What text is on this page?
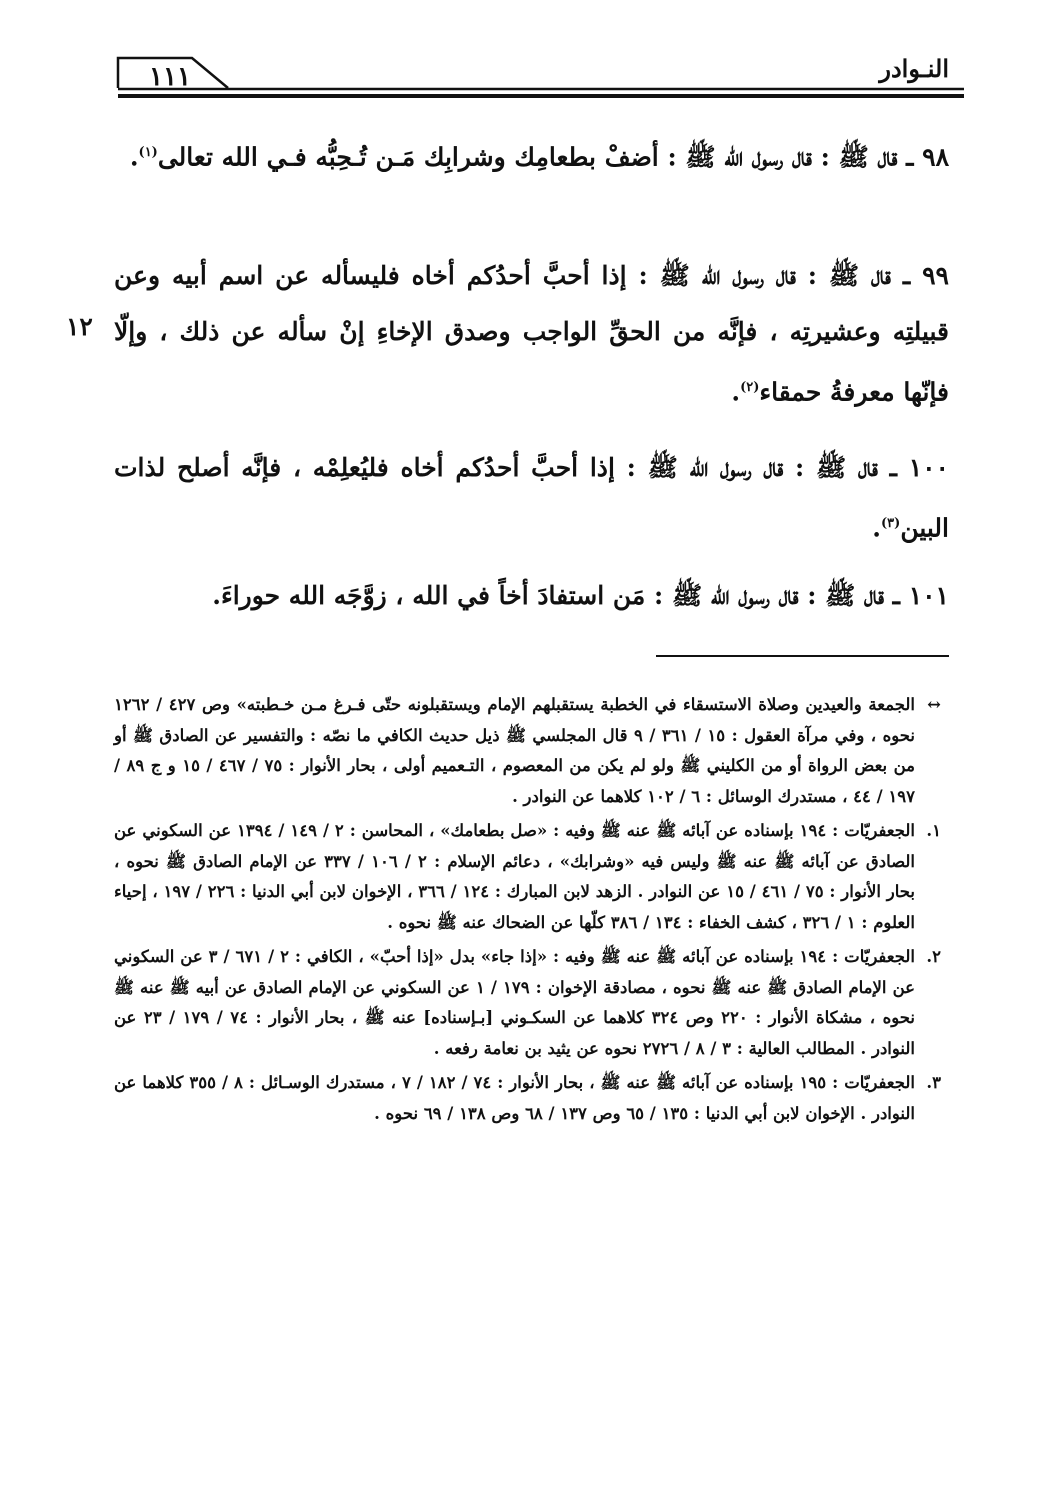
النـوادر
١١١

٩٨ ـ قال ﷺ : قال رسول الله ﷺ : أضفْ بطعامِك وشرابِك مَـن تُـحِبُّه فـي الله تعالى$^{(١)}$.

٩٩ ـ قال ﷺ : قال رسول الله ﷺ : إذا أحبَّ أحدُكم أخاه فليسأله عن اسم أبيه وعن قبيلتِه وعشيرتِه ، فإنَّه من الحقِّ الواجب وصدق الإخاءِ إنْ سأله عن ذلك ، وإلّا فإنّها معرفةُ حمقاء$^{(٢)}$.

١٠٠ ـ قال ﷺ : قال رسول الله ﷺ : إذا أحبَّ أحدُكم أخاه فليُعلِمْه ، فإنَّه أصلح لذات البين$^{(٣)}$.

١٠١ ـ قال ﷺ : قال رسول الله ﷺ : مَن استفادَ أخاً في الله ، زوَّجَه الله حوراءَ.

١٢

↔
الجمعة والعيدين وصلاة الاستسقاء في الخطبة يستقبلهم الإمام ويستقبلونه حتّى فـرغ مـن خـطبته» وص ٤٢٧ / ١٢٦٢ نحوه ، وفي مرآة العقول : ١٥ / ٣٦١ / ٩ قال المجلسي ﷺ ذيل حديث الكافي ما نصّه : والتفسير عن الصادق ﷺ أو من بعض الرواة أو من الكليني ﷺ ولو لم يكن من المعصوم ، التـعميم أولى ، بحار الأنوار : ٧٥ / ٤٦٧ / ١٥ و ج ٨٩ / ١٩٧ / ٤٤ ، مستدرك الوسائل : ٦ / ١٠٢ كلاهما عن النوادر .

١.
الجعفريّات : ١٩٤ بإسناده عن آبائه ﷺ عنه ﷺ وفيه : «صل بطعامك» ، المحاسن : ٢ / ١٤٩ / ١٣٩٤ عن السكوني عن الصادق عن آبائه ﷺ عنه ﷺ وليس فيه «وشرابك» ، دعائم الإسلام : ٢ / ١٠٦ / ٣٣٧ عن الإمام الصادق ﷺ نحوه ، بحار الأنوار : ٧٥ / ٤٦١ / ١٥ عن النوادر . الزهد لابن المبارك : ١٢٤ / ٣٦٦ ، الإخوان لابن أبي الدنيا : ٢٢٦ / ١٩٧ ، إحياء العلوم : ١ / ٣٢٦ ، كشف الخفاء : ١٣٤ / ٣٨٦ كلّها عن الضحاك عنه ﷺ نحوه .

٢.
الجعفريّات : ١٩٤ بإسناده عن آبائه ﷺ عنه ﷺ وفيه : «إذا جاء» بدل «إذا أحبّ» ، الكافي : ٢ / ٦٧١ / ٣ عن السكوني عن الإمام الصادق ﷺ عنه ﷺ نحوه ، مصادقة الإخوان : ١٧٩ / ١ عن السكوني عن الإمام الصادق عن أبيه ﷺ عنه ﷺ نحوه ، مشكاة الأنوار : ٢٢٠ وص ٣٢٤ كلاهما عن السكـوني [بـإسناده] عنه ﷺ ، بحار الأنوار : ٧٤ / ١٧٩ / ٢٣ عن النوادر . المطالب العالية : ٣ / ٨ / ٢٧٢٦ نحوه عن يثيد بن نعامة رفعه .

٣.
الجعفريّات : ١٩٥ بإسناده عن آبائه ﷺ عنه ﷺ ، بحار الأنوار : ٧٤ / ١٨٢ / ٧ ، مستدرك الوسـائل : ٨ / ٣٥٥ كلاهما عن النوادر . الإخوان لابن أبي الدنيا : ١٣٥ / ٦٥ وص ١٣٧ / ٦٨ وص ١٣٨ / ٦٩ نحوه .
